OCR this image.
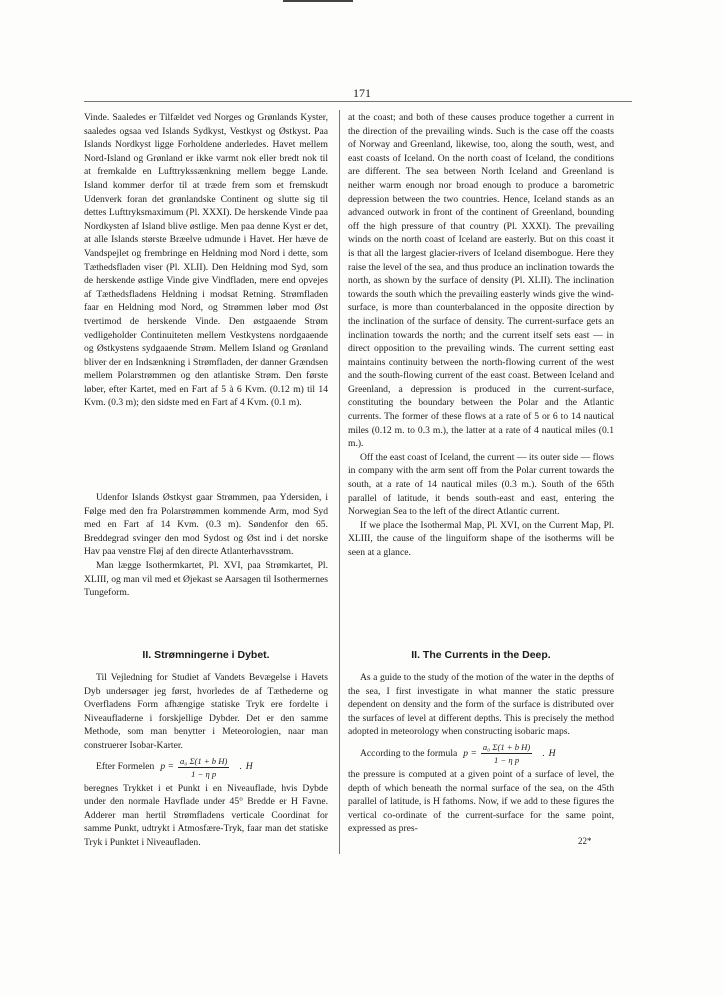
171

Vinde. Saaledes er Tilfældet ved Norges og Grønlands Kyster, saaledes ogsaa ved Islands Sydkyst, Vestkyst og Østkyst. Paa Islands Nordkyst ligge Forholdene anderledes. Havet mellem Nord-Island og Grønland er ikke varmt nok eller bredt nok til at fremkalde en Lufttrykssænkning mellem begge Lande. Island kommer derfor til at træde frem som et fremskudt Udenverk foran det grønlandske Continent og slutte sig til dettes Lufttryksmaximum (Pl. XXXI). De herskende Vinde paa Nordkysten af Island blive østlige. Men paa denne Kyst er det, at alle Islands største Bræelve udmunde i Havet. Her hæve de Vandspejlet og frembringe en Heldning mod Nord i dette, som Tæthedsfladen viser (Pl. XLII). Den Heldning mod Syd, som de herskende østlige Vinde give Vindfladen, mere end opvejes af Tæthedsfladens Heldning i modsat Retning. Strømfladen faar en Heldning mod Nord, og Strømmen løber mod Øst tvertimod de herskende Vinde. Den østgaaende Strøm vedligeholder Continuiteten mellem Vestkystens nordgaaende og Østkystens sydgaaende Strøm. Mellem Island og Grønland bliver der en Indsænkning i Strømfladen, der danner Grændsen mellem Polarstrømmen og den atlantiske Strøm. Den første løber, efter Kartet, med en Fart af 5 à 6 Kvm. (0.12 m) til 14 Kvm. (0.3 m); den sidste med en Fart af 4 Kvm. (0.1 m).

Udenfor Islands Østkyst gaar Strømmen, paa Ydersiden, i Følge med den fra Polarstrømmen kommende Arm, mod Syd med en Fart af 14 Kvm. (0.3 m). Søndenfor den 65. Breddegrad svinger den mod Sydost og Øst ind i det norske Hav paa venstre Fløj af den directe Atlanterhavsstrøm.

Man lægge Isothermkartet, Pl. XVI, paa Strømkartet, Pl. XLIII, og man vil med et Øjekast se Aarsagen til Isothermernes Tungeform.

at the coast; and both of these causes produce together a current in the direction of the prevailing winds. Such is the case off the coasts of Norway and Greenland, likewise, too, along the south, west, and east coasts of Iceland. On the north coast of Iceland, the conditions are different. The sea between North Iceland and Greenland is neither warm enough nor broad enough to produce a barometric depression between the two countries. Hence, Iceland stands as an advanced outwork in front of the continent of Greenland, bounding off the high pressure of that country (Pl. XXXI). The prevailing winds on the north coast of Iceland are easterly. But on this coast it is that all the largest glacier-rivers of Iceland disembogue. Here they raise the level of the sea, and thus produce an inclination towards the north, as shown by the surface of density (Pl. XLII). The inclination towards the south which the prevailing easterly winds give the wind-surface, is more than counterbalanced in the opposite direction by the inclination of the surface of density. The current-surface gets an inclination towards the north; and the current itself sets east — in direct opposition to the prevailing winds. The current setting east maintains continuity between the north-flowing current of the west and the south-flowing current of the east coast. Between Iceland and Greenland, a depression is produced in the current-surface, constituting the boundary between the Polar and the Atlantic currents. The former of these flows at a rate of 5 or 6 to 14 nautical miles (0.12 m. to 0.3 m.), the latter at a rate of 4 nautical miles (0.1 m.).

Off the east coast of Iceland, the current — its outer side — flows in company with the arm sent off from the Polar current towards the south, at a rate of 14 nautical miles (0.3 m.). South of the 65th parallel of latitude, it bends south-east and east, entering the Norwegian Sea to the left of the direct Atlantic current.

If we place the Isothermal Map, Pl. XVI, on the Current Map, Pl. XLIII, the cause of the linguiform shape of the isotherms will be seen at a glance.

II. Strømningerne i Dybet.	II. The Currents in the Deep.

Til Vejledning for Studiet af Vandets Bevægelse i Havets Dyb undersøger jeg først, hvorledes de af Tæthederne og Overfladens Form afhængige statiske Tryk ere fordelte i Niveaufladerne i forskjellige Dybder. Det er den samme Methode, som man benytter i Meteorologien, naar man construerer Isobar-Karter.

Efter Formelen $p = \frac{\text{a₀ Σ(1 + b H)}}{\text{1 − η p}}$ . H

beregnes Trykket i et Punkt i en Niveauflade, hvis Dybde under den normale Havflade under 45° Bredde er H Favne. Adderer man hertil Strømfladens verticale Coordinat for samme Punkt, udtrykt i Atmosfære-Tryk, faar man det statiske Tryk i Punktet i Niveaufladen.

As a guide to the study of the motion of the water in the depths of the sea, I first investigate in what manner the static pressure dependent on density and the form of the surface is distributed over the surfaces of level at different depths. This is precisely the method adopted in meteorology when constructing isobaric maps.

According to the formula $p = \frac{\text{a₀ Σ(1 + b H)}}{\text{1 − η p}}$ . H

the pressure is computed at a given point of a surface of level, the depth of which beneath the normal surface of the sea, on the 45th parallel of latitude, is H fathoms. Now, if we add to these figures the vertical co-ordinate of the current-surface for the same point, expressed as pres-

22*
